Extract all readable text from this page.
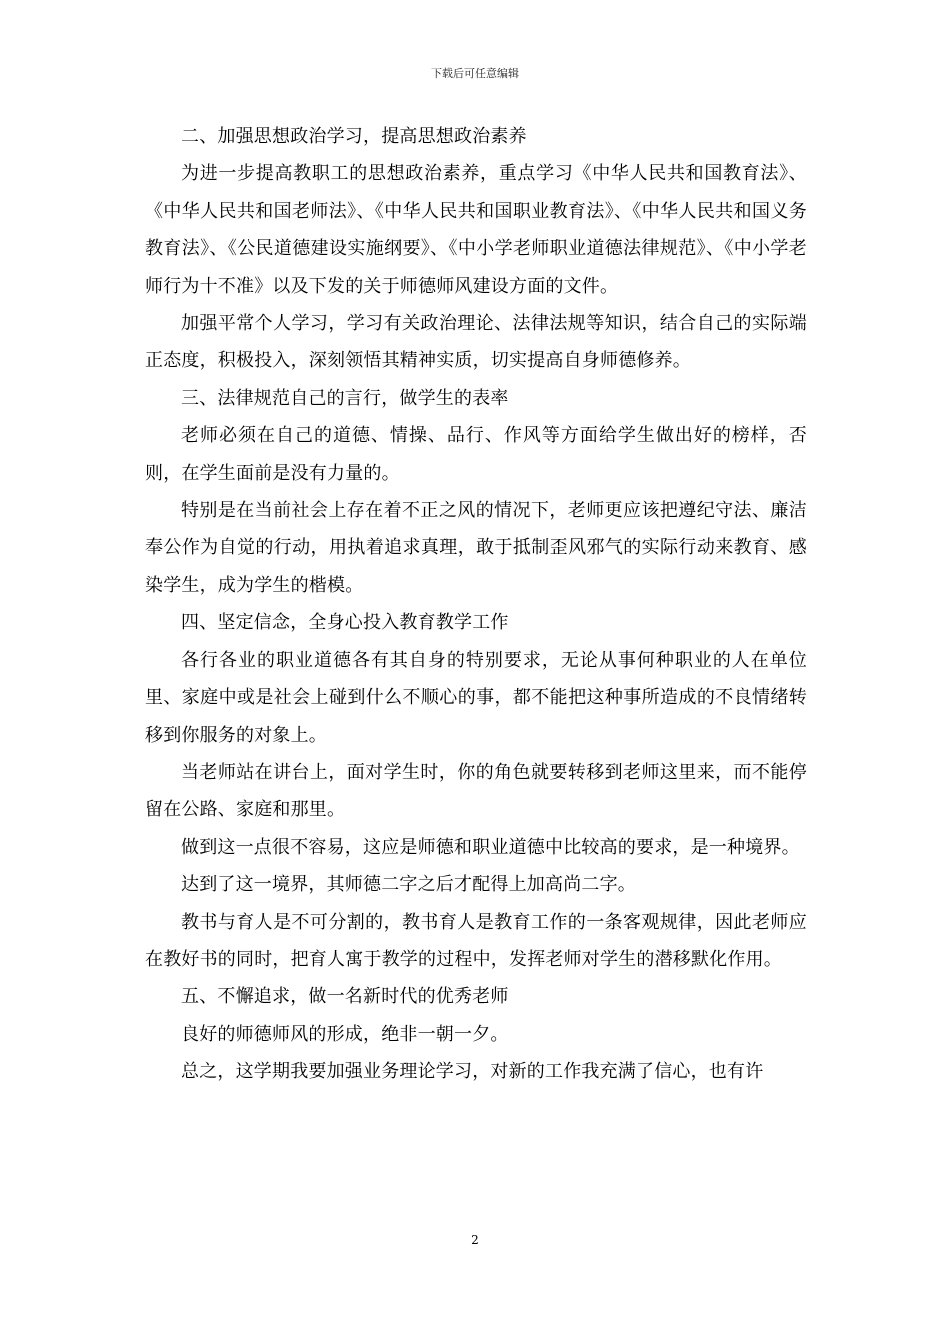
下载后可任意编辑

二、加强思想政治学习，提高思想政治素养

为进一步提高教职工的思想政治素养，重点学习《中华人民共和国教育法》、《中华人民共和国老师法》、《中华人民共和国职业教育法》、《中华人民共和国义务教育法》、《公民道德建设实施纲要》、《中小学老师职业道德法律规范》、《中小学老师行为十不准》以及下发的关于师德师风建设方面的文件。

加强平常个人学习，学习有关政治理论、法律法规等知识，结合自己的实际端正态度，积极投入，深刻领悟其精神实质，切实提高自身师德修养。

三、法律规范自己的言行，做学生的表率

老师必须在自己的道德、情操、品行、作风等方面给学生做出好的榜样，否则，在学生面前是没有力量的。

特别是在当前社会上存在着不正之风的情况下，老师更应该把遵纪守法、廉洁奉公作为自觉的行动，用执着追求真理，敢于抵制歪风邪气的实际行动来教育、感染学生，成为学生的楷模。

四、坚定信念，全身心投入教育教学工作

各行各业的职业道德各有其自身的特别要求，无论从事何种职业的人在单位里、家庭中或是社会上碰到什么不顺心的事，都不能把这种事所造成的不良情绪转移到你服务的对象上。

当老师站在讲台上，面对学生时，你的角色就要转移到老师这里来，而不能停留在公路、家庭和那里。

做到这一点很不容易，这应是师德和职业道德中比较高的要求，是一种境界。

达到了这一境界，其师德二字之后才配得上加高尚二字。

教书与育人是不可分割的，教书育人是教育工作的一条客观规律，因此老师应在教好书的同时，把育人寓于教学的过程中，发挥老师对学生的潜移默化作用。

五、不懈追求，做一名新时代的优秀老师

良好的师德师风的形成，绝非一朝一夕。

总之，这学期我要加强业务理论学习，对新的工作我充满了信心，也有许

2
